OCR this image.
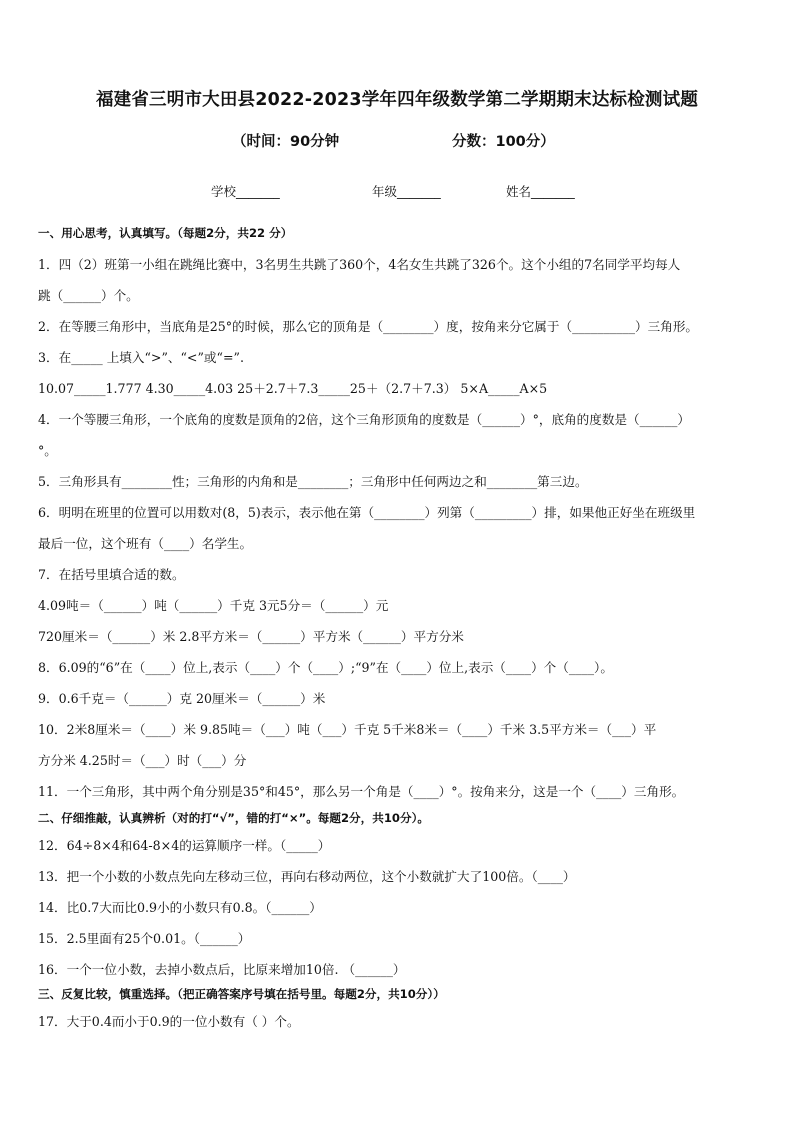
福建省三明市大田县2022-2023学年四年级数学第二学期期末达标检测试题
（时间：90分钟	分数：100分）
学校_______	年级_______	姓名_______

一、用心思考，认真填写。（每题2分，共22 分）

1．四（2）班第一小组在跳绳比赛中，3名男生共跳了360个，4名女生共跳了326个。这个小组的7名同学平均每人

跳（______）个。

2．在等腰三角形中，当底角是25°的时候，那么它的顶角是（________）度，按角来分它属于（__________）三角形。

3．在_____ 上填入“>”、“<”或“=”.

10.07_____1.777 4.30_____4.03 25＋2.7＋7.3_____25＋（2.7＋7.3） 5×A_____A×5

4．一个等腰三角形，一个底角的度数是顶角的2倍，这个三角形顶角的度数是（______）°，底角的度数是（______）

°。

5．三角形具有________性；三角形的内角和是________；三角形中任何两边之和________第三边。

6．明明在班里的位置可以用数对(8，5)表示，表示他在第（________）列第（_________）排，如果他正好坐在班级里

最后一位，这个班有（____）名学生。

7．在括号里填合适的数。

4.09吨＝（______）吨（______）千克 3元5分＝（______）元

720厘米＝（______）米 2.8平方米＝（______）平方米（______）平方分米

8．6.09的“6”在（____）位上,表示（____）个（____）;“9”在（____）位上,表示（____）个（____）。

9．0.6千克＝（______）克 20厘米＝（______）米

10．2米8厘米＝（____）米 9.85吨＝（___）吨（___）千克 5千米8米＝（____）千米 3.5平方米＝（___）平

方分米 4.25时＝（___）时（___）分

11．一个三角形，其中两个角分别是35°和45°，那么另一个角是（____）°。按角来分，这是一个（____）三角形。

二、仔细推敲，认真辨析（对的打“√”，错的打“×”。每题2分，共10分）。

12．64÷8×4和64-8×4的运算顺序一样。（_____）

13．把一个小数的小数点先向左移动三位，再向右移动两位，这个小数就扩大了100倍。（____）

14．比0.7大而比0.9小的小数只有0.8。（______）

15．2.5里面有25个0.01。（______）

16．一个一位小数，去掉小数点后，比原来增加10倍. （______）

三、反复比较，慎重选择。（把正确答案序号填在括号里。每题2分，共10分））

17．大于0.4而小于0.9的一位小数有（ ）个。
